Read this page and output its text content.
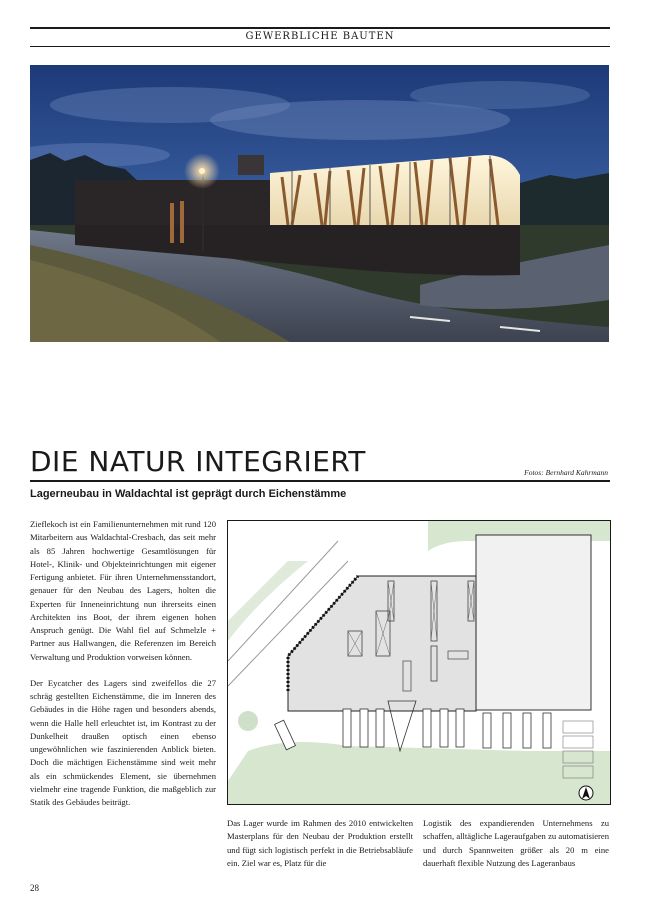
GEWERBLICHE BAUTEN
DIE NATUR INTEGRIERT	Fotos: Bernhard Kahrmann
Lagerneubau in Waldachtal ist geprägt durch Eichenstämme

Zieflekoch ist ein Familienunternehmen mit rund 120 Mitarbeitern aus Waldachtal-Cresbach, das seit mehr als 85 Jahren hochwertige Gesamtlösungen für Hotel-, Klinik- und Objekteinrichtungen mit eigener Fertigung anbietet. Für ihren Unternehmensstandort, genauer für den Neubau des Lagers, holten die Experten für Inneneinrichtung nun ihrerseits einen Architekten ins Boot, der ihrem eigenen hohen Anspruch genügt. Die Wahl fiel auf Schmelzle + Partner aus Hallwangen, die Referenzen im Bereich Verwaltung und Produktion vorweisen können.

Der Eycatcher des Lagers sind zweifellos die 27 schräg gestellten Eichenstämme, die im Inneren des Gebäudes in die Höhe ragen und besonders abends, wenn die Halle hell erleuchtet ist, im Kontrast zu der Dunkelheit draußen optisch einen ebenso ungewöhnlichen wie faszinierenden Anblick bieten. Doch die mächtigen Eichenstämme sind weit mehr als ein schmückendes Element, sie übernehmen vielmehr eine tragende Funktion, die maßgeblich zur Statik des Gebäudes beiträgt.

Das Lager wurde im Rahmen des 2010 entwickelten Masterplans für den Neubau der Produktion erstellt und fügt sich logistisch perfekt in die Betriebsabläufe ein. Ziel war es, Platz für die
Logistik des expandierenden Unternehmens zu schaffen, alltägliche Lageraufgaben zu automatisieren und durch Spannweiten größer als 20 m eine dauerhaft flexible Nutzung des Lageranbaus
28
